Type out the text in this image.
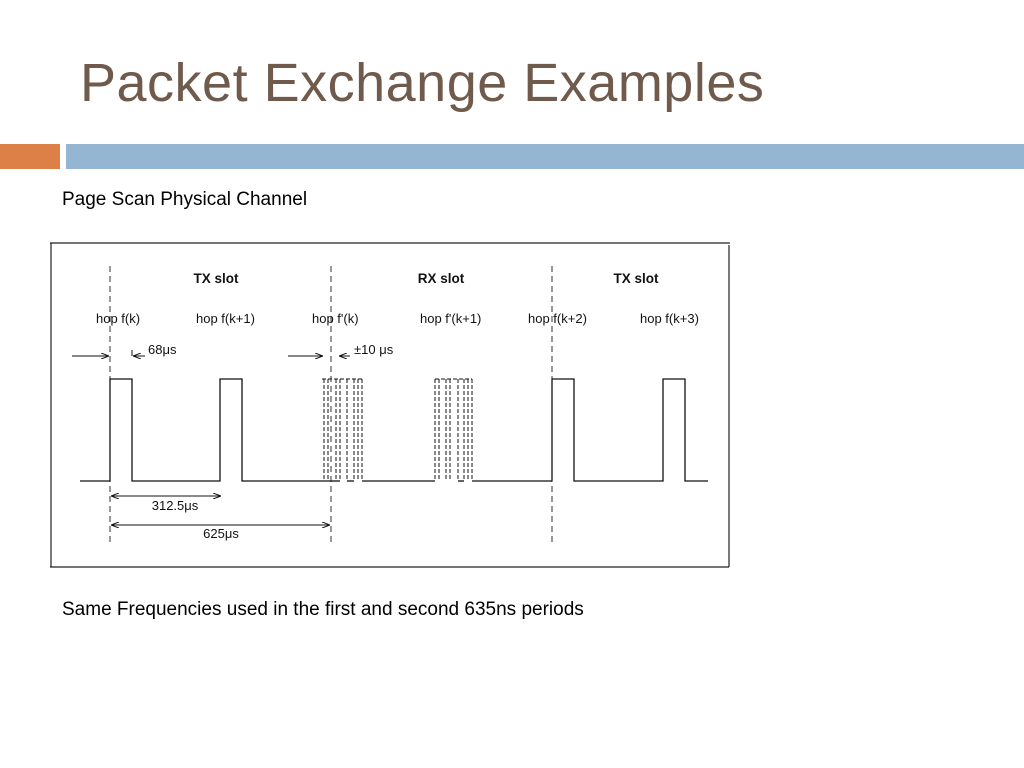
Packet Exchange Examples

Page Scan Physical Channel

TX slot	RX slot	TX slot
hop f(k)	hop f(k+1)	hop f'(k)	hop f'(k+1)	hop f(k+2)	hop f(k+3)
68μs	±10 μs
312.5μs
625μs

Same Frequencies used in the first and second 635ns periods
